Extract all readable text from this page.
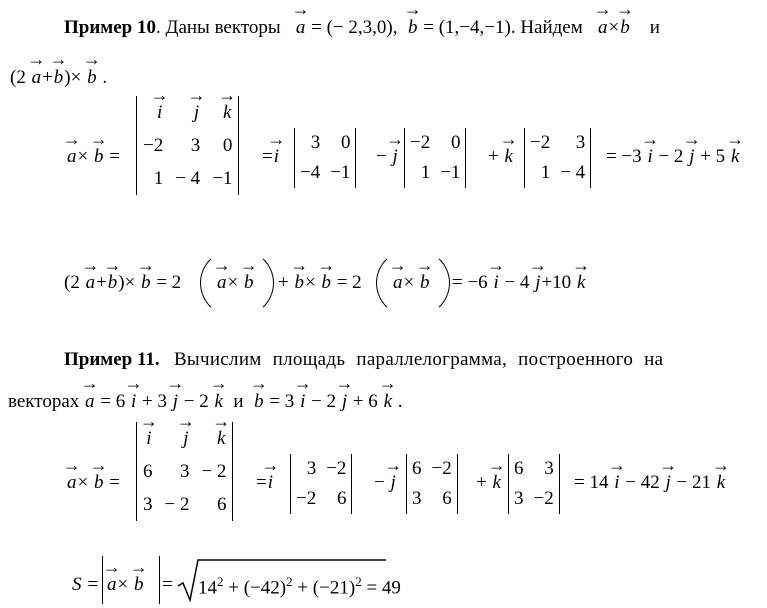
Пример 10. Даны векторы → a = (− 2,3,0), → b = (1,−4,−1). Найдем → a×→ b и
(2 → a+→ b)× → b .
→ a× → b =
→ i	→ j	→ k
−2	3	0
1	− 4	−1
=→ i
3	0
−4	−1
− → j
−2	0
1	−1
+ → k
−2	3
1	− 4
= −3 → i − 2 → j + 5 → k
(2 → a+→ b)× → b = 2 → a× → b + → b× → b = 2 → a× → b = −6 → i − 4 → j+10 → k
Пример 11. Вычислим площадь параллелограмма, построенного на
векторах → a = 6 → i + 3 → j − 2 → k и → b = 3 → i − 2 → j + 6 → k .
→ a× → b =
→ i	→ j	→ k
6	3	− 2
3	− 2	6
=→ i
3	−2
−2	6
− → j
6	−2
3	6
+ → k
6	3
3	−2
= 14 → i − 42 → j − 21 → k
S = → $a\times \to b = 14^2 + (-42)^2 + (-21)^2 = 49$
